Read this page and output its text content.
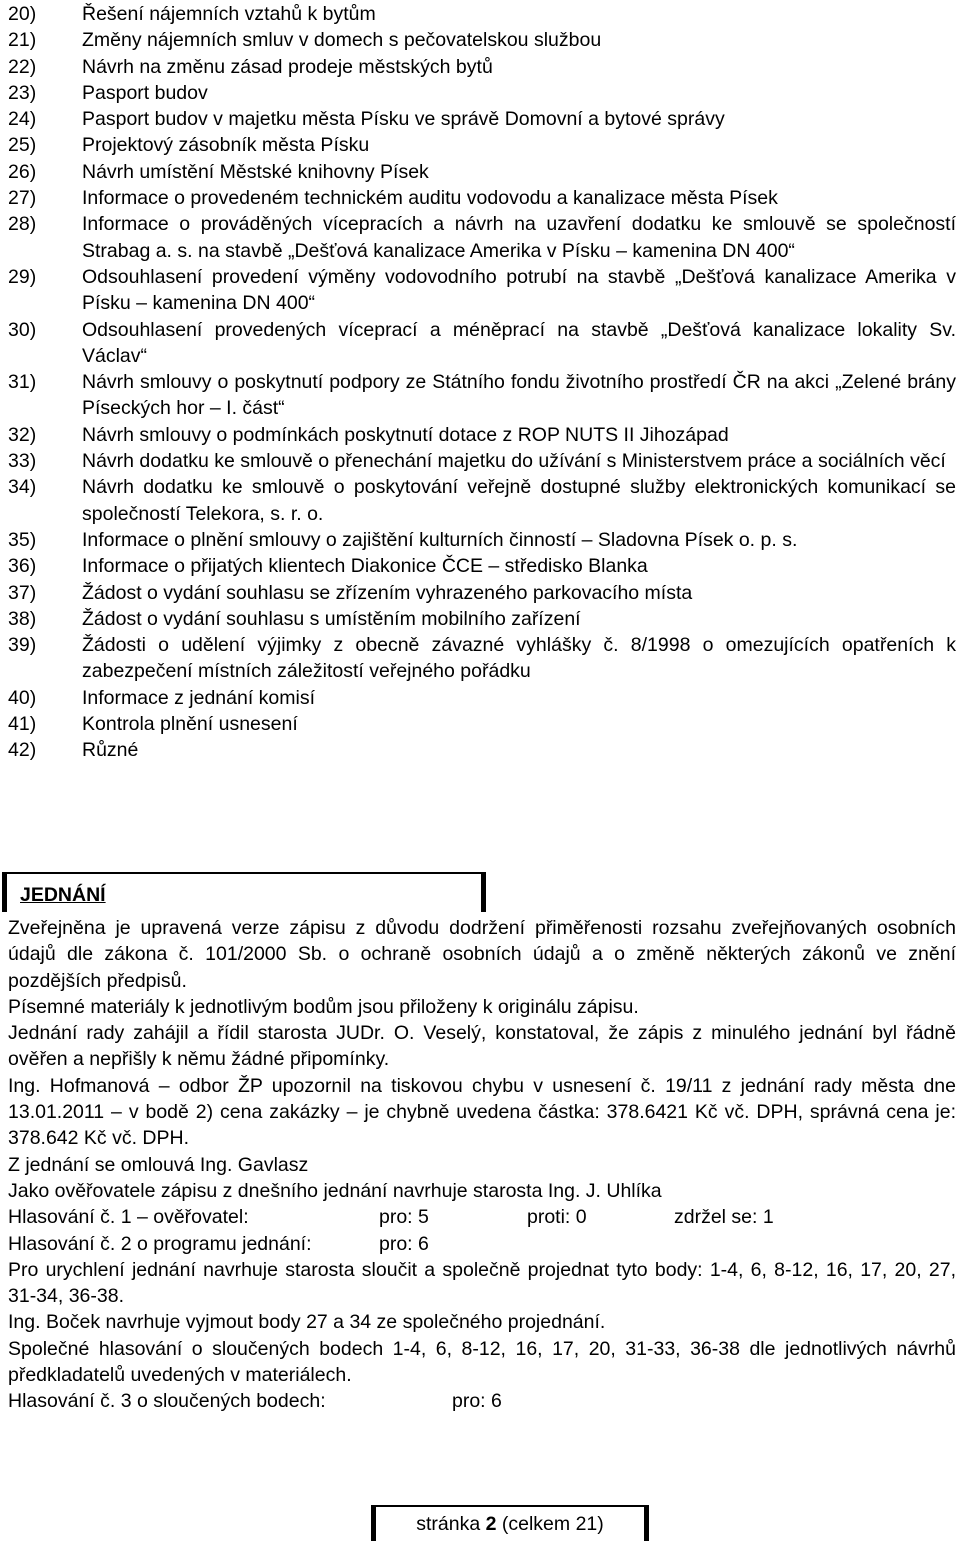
20)	Řešení nájemních vztahů k bytům
21)	Změny nájemních smluv v domech s pečovatelskou službou
22)	Návrh na změnu zásad prodeje městských bytů
23)	Pasport budov
24)	Pasport budov v majetku města Písku ve správě Domovní a bytové správy
25)	Projektový zásobník města Písku
26)	Návrh umístění Městské knihovny Písek
27)	Informace o provedeném technickém auditu vodovodu a kanalizace města Písek
28)	Informace o prováděných vícepracích a návrh na uzavření dodatku ke smlouvě se společností Strabag a. s. na stavbě „Dešťová kanalizace Amerika v Písku – kamenina DN 400“
29)	Odsouhlasení provedení výměny vodovodního potrubí na stavbě „Dešťová kanalizace Amerika v Písku – kamenina DN 400“
30)	Odsouhlasení provedených víceprací a méněprací na stavbě „Dešťová kanalizace lokality Sv. Václav“
31)	Návrh smlouvy o poskytnutí podpory ze Státního fondu životního prostředí ČR na akci „Zelené brány Píseckých hor – I. část“
32)	Návrh smlouvy o podmínkách poskytnutí dotace z ROP NUTS II Jihozápad
33)	Návrh dodatku ke smlouvě o přenechání majetku do užívání s Ministerstvem práce a sociálních věcí
34)	Návrh dodatku ke smlouvě o poskytování veřejně dostupné služby elektronických komunikací se společností Telekora, s. r. o.
35)	Informace o plnění smlouvy o zajištění kulturních činností – Sladovna Písek o. p. s.
36)	Informace o přijatých klientech Diakonice ČCE – středisko Blanka
37)	Žádost o vydání souhlasu se zřízením vyhrazeného parkovacího místa
38)	Žádost o vydání souhlasu s umístěním mobilního zařízení
39)	Žádosti o udělení výjimky z obecně závazné vyhlášky č. 8/1998 o omezujících opatřeních k zabezpečení místních záležitostí veřejného pořádku
40)	Informace z jednání komisí
41)	Kontrola plnění usnesení
42)	Různé
JEDNÁNÍ

Zveřejněna je upravená verze zápisu z důvodu dodržení přiměřenosti rozsahu zveřejňovaných osobních údajů dle zákona č. 101/2000 Sb. o ochraně osobních údajů a o změně některých zákonů ve znění pozdějších předpisů.

Písemné materiály k jednotlivým bodům jsou přiloženy k originálu zápisu.

Jednání rady zahájil a řídil starosta JUDr. O. Veselý, konstatoval, že zápis z minulého jednání byl řádně ověřen a nepřišly k němu žádné připomínky.

Ing. Hofmanová – odbor ŽP upozornil na tiskovou chybu v usnesení č. 19/11 z jednání rady města dne 13.01.2011 – v bodě 2) cena zakázky – je chybně uvedena částka: 378.6421 Kč vč. DPH, správná cena je: 378.642 Kč vč. DPH.

Z jednání se omlouvá Ing. Gavlasz

Jako ověřovatele zápisu z dnešního jednání navrhuje starosta Ing. J. Uhlíka

Hlasování č. 1 – ověřovatel:	pro: 5	proti: 0	zdržel se: 1
Hlasování č. 2 o programu jednání:	pro: 6

Pro urychlení jednání navrhuje starosta sloučit a společně projednat tyto body: 1-4, 6, 8-12, 16, 17, 20, 27, 31-34, 36-38.

Ing. Boček navrhuje vyjmout body 27 a 34 ze společného projednání.

Společné hlasování o sloučených bodech 1-4, 6, 8-12, 16, 17, 20, 31-33, 36-38 dle jednotlivých návrhů předkladatelů uvedených v materiálech.

Hlasování č. 3 o sloučených bodech:	pro: 6
stránka 2 (celkem 21)
